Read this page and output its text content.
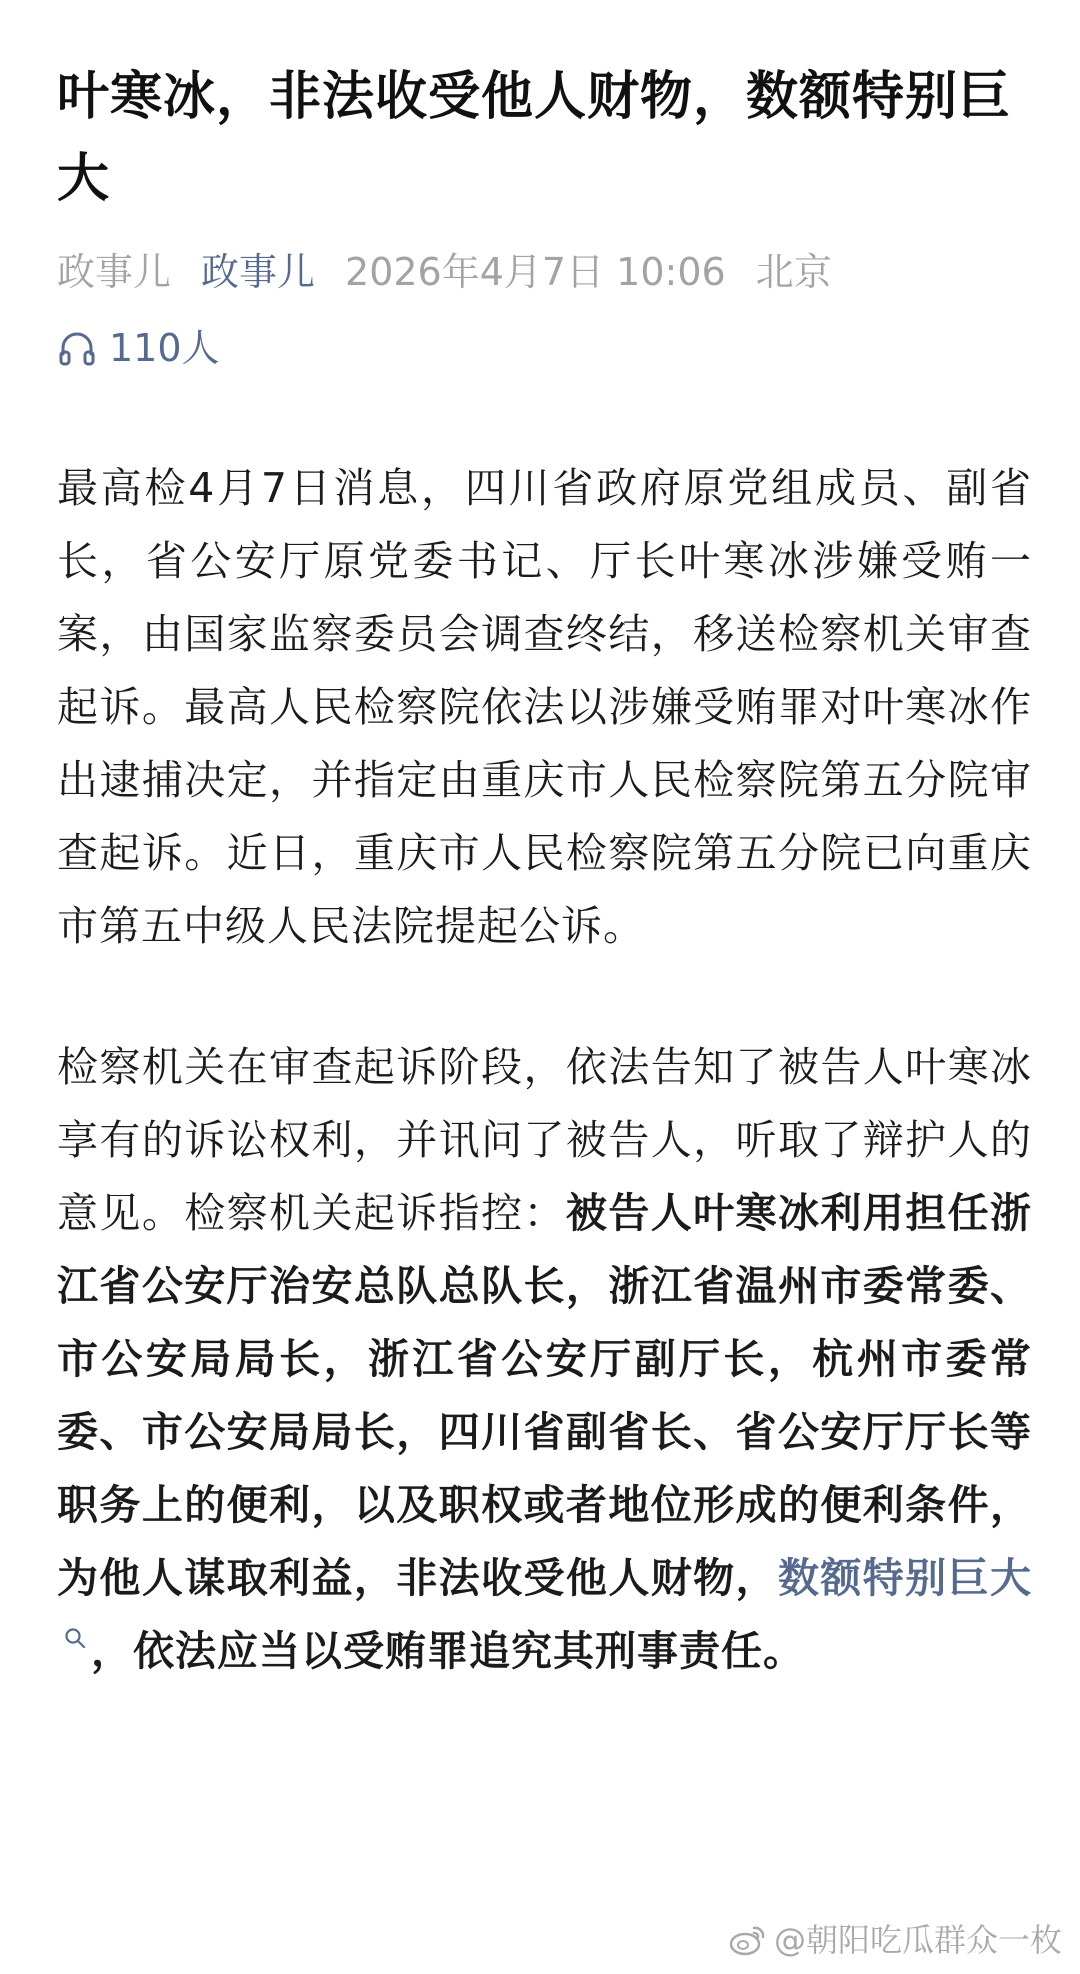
叶寒冰，非法收受他人财物，数额特别巨大
政事儿 政事儿 2026年4月7日 10:06 北京
110人

最高检4月7日消息，四川省政府原党组成员、副省长，省公安厅原党委书记、厅长叶寒冰涉嫌受贿一案，由国家监察委员会调查终结，移送检察机关审查起诉。最高人民检察院依法以涉嫌受贿罪对叶寒冰作出逮捕决定，并指定由重庆市人民检察院第五分院审查起诉。近日，重庆市人民检察院第五分院已向重庆市第五中级人民法院提起公诉。

检察机关在审查起诉阶段，依法告知了被告人叶寒冰享有的诉讼权利，并讯问了被告人，听取了辩护人的意见。检察机关起诉指控：被告人叶寒冰利用担任浙江省公安厅治安总队总队长，浙江省温州市委常委、市公安局局长，浙江省公安厅副厅长，杭州市委常委、市公安局局长，四川省副省长、省公安厅厅长等职务上的便利，以及职权或者地位形成的便利条件，为他人谋取利益，非法收受他人财物，数额特别巨大，依法应当以受贿罪追究其刑事责任。

@朝阳吃瓜群众一枚
